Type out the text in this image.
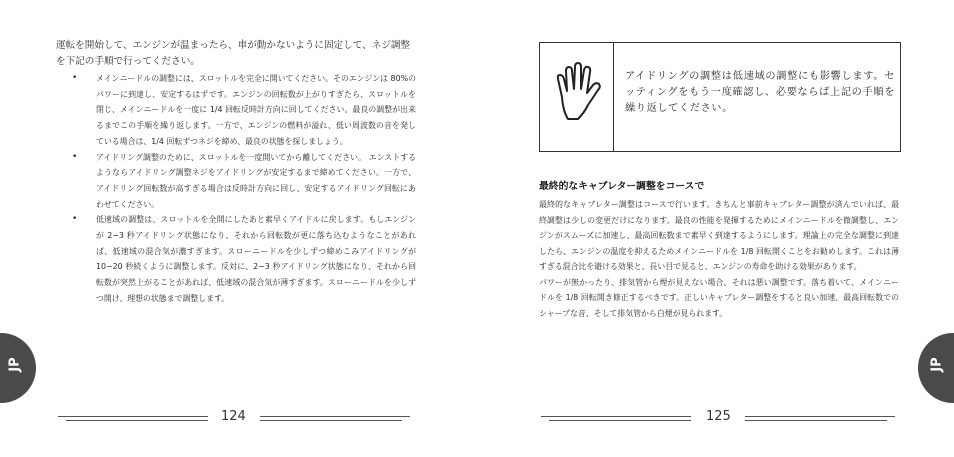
運転を開始して、エンジンが温まったら、車が動かないように固定して、ネジ調整を下記の手順で行ってください。

• メインニードルの調整には、スロットルを完全に開いてください。そのエンジンは 80%のパワーに到達し、安定するはずです。エンジンの回転数が上がりすぎたら、スロットルを閉じ、メインニードルを一度に 1/4 回転反時計方向に回してください。最良の調整が出来るまでこの手順を繰り返します。一方で、エンジンの燃料が溢れ、低い周波数の音を発している場合は、1/4 回転ずつネジを締め、最良の状態を探しましょう。
• アイドリング調整のために、スロットルを一度開いてから離してください。 エンストするようならアイドリング調整ネジをアイドリングが安定するまで締めてください。一方で、アイドリング回転数が高すぎる場合は反時計方向に回し、安定するアイドリング回転にあわせてください。
• 低速域の調整は、スロットルを全開にしたあと素早くアイドルに戻します。もしエンジンが 2−3 秒アイドリング状態になり、それから回転数が更に落ち込むようなことがあれば、低速域の混合気が濃すぎます。スローニードルを少しずつ締めこみアイドリングが 10−20 秒続くように調整します。反対に、2−3 秒アイドリング状態になり、それから回転数が突然上がることがあれば、低速域の混合気が薄すぎます。スローニードルを少しずつ開け、理想の状態まで調整します。
JP
124
アイドリングの調整は低速域の調整にも影響します。セッティングをもう一度確認し、必要ならば上記の手順を繰り返してください。
最終的なキャブレター調整をコースで
最終的なキャブレター調整はコースで行います。きちんと事前キャブレター調整が済んでいれば、最終調整は少しの変更だけになります。最良の性能を発揮するためにメインニードルを微調整し、エンジンがスムーズに加速し、最高回転数まで素早く到達するようにします。理論上の完全な調整に到達したら、エンジンの温度を抑えるためメインニードルを 1/8 回転開くことをお勧めします。これは薄すぎる混合比を避ける効果と、長い目で見ると、エンジンの寿命を助ける効果があります。
パワーが無かったり、排気管から煙が見えない場合、それは悪い調整です。落ち着いて、メインニードルを 1/8 回転開き修正するべきです。正しいキャブレター調整をすると良い加速、最高回転数でのシャープな音、そして排気管から白煙が見られます。
JP
125
